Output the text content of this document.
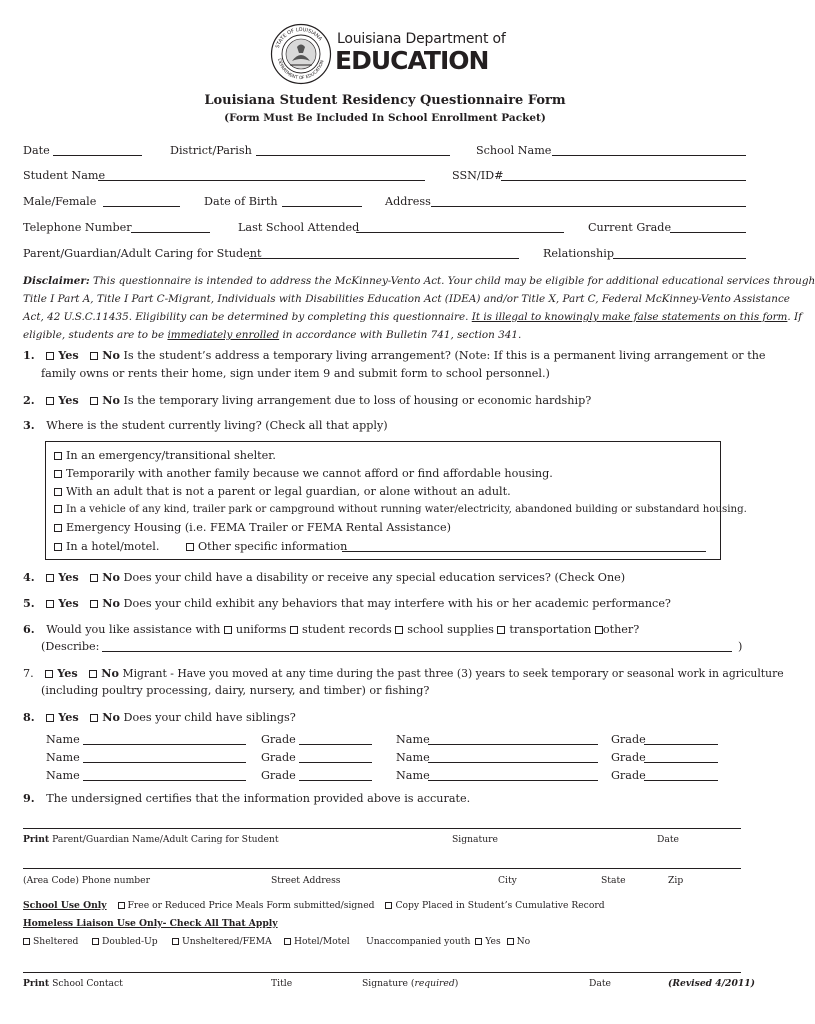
STATE OF LOUISIANA
DEPARTMENT OF EDUCATION
Louisiana Department of
EDUCATION
Louisiana Student Residency Questionnaire Form
(Form Must Be Included In School Enrollment Packet)
Date	District/Parish	School Name
Student Name	SSN/ID#
Male/Female	Date of Birth	Address
Telephone Number	Last School Attended	Current Grade
Parent/Guardian/Adult Caring for Student	Relationship
Disclaimer: This questionnaire is intended to address the McKinney-Vento Act. Your child may be eligible for additional educational services through
Title I Part A, Title I Part C-Migrant, Individuals with Disabilities Education Act (IDEA) and/or Title X, Part C, Federal McKinney-Vento Assistance
Act, 42 U.S.C.11435. Eligibility can be determined by completing this questionnaire. It is illegal to knowingly make false statements on this form. If
eligible, students are to be immediately enrolled in accordance with Bulletin 741, section 341.
1. Yes No Is the student’s address a temporary living arrangement? (Note: If this is a permanent living arrangement or the
family owns or rents their home, sign under item 9 and submit form to school personnel.)
2. Yes No Is the temporary living arrangement due to loss of housing or economic hardship?
3. Where is the student currently living? (Check all that apply)
In an emergency/transitional shelter.
Temporarily with another family because we cannot afford or find affordable housing.
With an adult that is not a parent or legal guardian, or alone without an adult.
In a vehicle of any kind, trailer park or campground without running water/electricity, abandoned building or substandard housing.
Emergency Housing (i.e. FEMA Trailer or FEMA Rental Assistance)
In a hotel/motel.	Other specific information
4. Yes No Does your child have a disability or receive any special education services? (Check One)
5. Yes No Does your child exhibit any behaviors that may interfere with his or her academic performance?
6. Would you like assistance with uniforms student records school supplies transportation other?
(Describe:	)
7. Yes No Migrant - Have you moved at any time during the past three (3) years to seek temporary or seasonal work in agriculture
(including poultry processing, dairy, nursery, and timber) or fishing?
8. Yes No Does your child have siblings?
Name	Grade	Name	Grade
Name	Grade	Name	Grade
Name	Grade	Name	Grade
9. The undersigned certifies that the information provided above is accurate.
Print Parent/Guardian Name/Adult Caring for Student	Signature	Date
(Area Code) Phone number	Street Address	City	State	Zip
School Use Only Free or Reduced Price Meals Form submitted/signed Copy Placed in Student’s Cumulative Record
Homeless Liaison Use Only- Check All That Apply
Sheltered	Doubled-Up	Unsheltered/FEMA	Hotel/Motel Unaccompanied youth Yes No
Print School Contact	Title	Signature (required)	Date	(Revised 4/2011)
